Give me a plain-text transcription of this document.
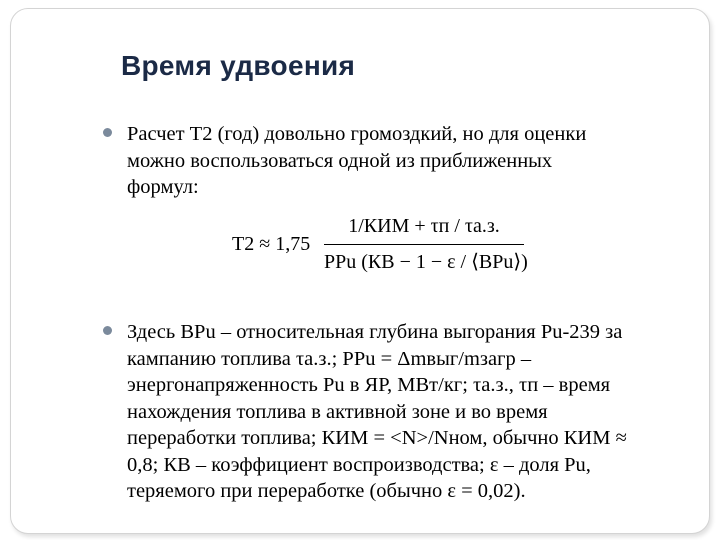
Время удвоения
Расчет T2 (год) довольно громоздкий, но для оценки
можно воспользоваться одной из приближенных
формул:
T2 ≈ 1,75
1/КИМ + τп / τа.з.
PPu (КВ − 1 − ε / ⟨BPu⟩)
Здесь BPu – относительная глубина выгорания Pu-239 за
кампанию топлива τа.з.; PPu = Δmвыг/mзагр –
энергонапряженность Pu в ЯР, МВт/кг; τа.з., τп – время
нахождения топлива в активной зоне и во время
переработки топлива; КИМ = <N>/Nном, обычно КИМ ≈
0,8; КВ – коэффициент воспроизводства; ε – доля Pu,
теряемого при переработке (обычно ε = 0,02).
